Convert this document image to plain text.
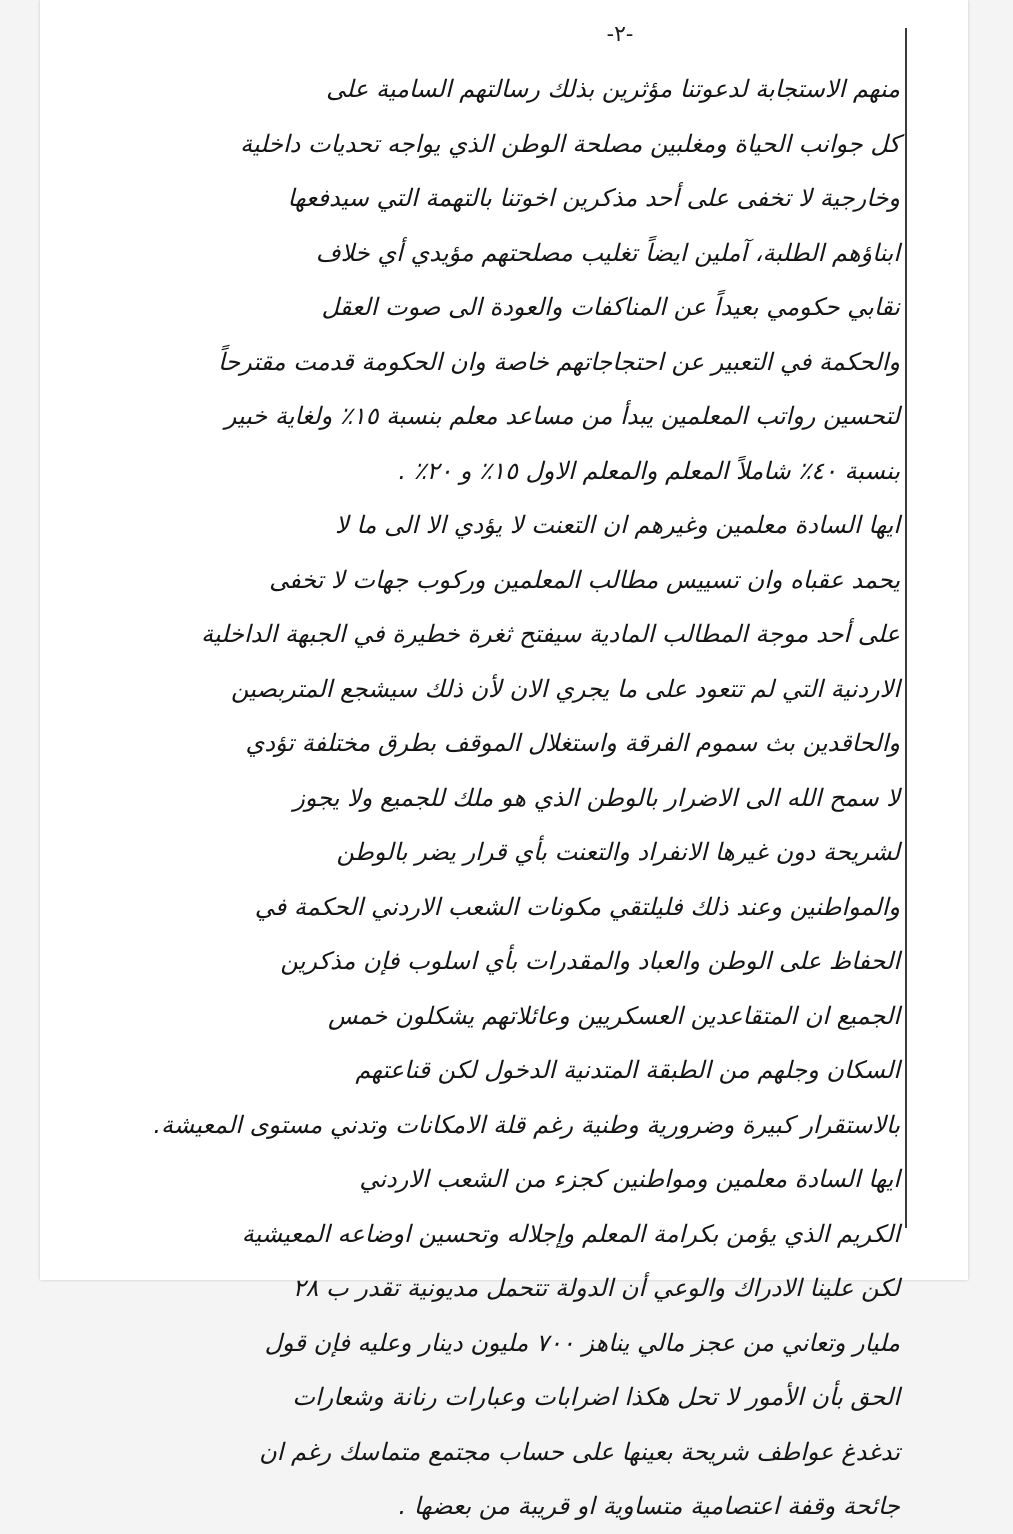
-٢-
منهم الاستجابة لدعوتنا مؤثرين بذلك رسالتهم السامية على
كل جوانب الحياة ومغلبين مصلحة الوطن الذي يواجه تحديات داخلية
وخارجية لا تخفى على أحد مذكرين اخوتنا بالتهمة التي سيدفعها
ابناؤهم الطلبة، آملين ايضاً تغليب مصلحتهم مؤيدي أي خلاف
نقابي حكومي بعيداً عن المناكفات والعودة الى صوت العقل
والحكمة في التعبير عن احتجاجاتهم خاصة وان الحكومة قدمت مقترحاً
لتحسين رواتب المعلمين يبدأ من مساعد معلم بنسبة ١٥٪ ولغاية خبير
بنسبة ٤٠٪ شاملاً المعلم والمعلم الاول ١٥٪ و ٢٠٪ .
ايها السادة معلمين وغيرهم ان التعنت لا يؤدي الا الى ما لا
يحمد عقباه وان تسييس مطالب المعلمين وركوب جهات لا تخفى
على أحد موجة المطالب المادية سيفتح ثغرة خطيرة في الجبهة الداخلية
الاردنية التي لم تتعود على ما يجري الان لأن ذلك سيشجع المتربصين
والحاقدين بث سموم الفرقة واستغلال الموقف بطرق مختلفة تؤدي
لا سمح الله الى الاضرار بالوطن الذي هو ملك للجميع ولا يجوز
لشريحة دون غيرها الانفراد والتعنت بأي قرار يضر بالوطن
والمواطنين وعند ذلك فليلتقي مكونات الشعب الاردني الحكمة في
الحفاظ على الوطن والعباد والمقدرات بأي اسلوب فإن مذكرين
الجميع ان المتقاعدين العسكريين وعائلاتهم يشكلون خمس
السكان وجلهم من الطبقة المتدنية الدخول لكن قناعتهم
بالاستقرار كبيرة وضرورية وطنية رغم قلة الامكانات وتدني مستوى المعيشة.
ايها السادة معلمين ومواطنين كجزء من الشعب الاردني
الكريم الذي يؤمن بكرامة المعلم وإجلاله وتحسين اوضاعه المعيشية
لكن علينا الادراك والوعي أن الدولة تتحمل مديونية تقدر ب ٢٨
مليار وتعاني من عجز مالي يناهز ٧٠٠ مليون دينار وعليه فإن قول
الحق بأن الأمور لا تحل هكذا اضرابات وعبارات رنانة وشعارات
تدغدغ عواطف شريحة بعينها على حساب مجتمع متماسك رغم ان
جائحة وقفة اعتصامية متساوية او قريبة من بعضها .
